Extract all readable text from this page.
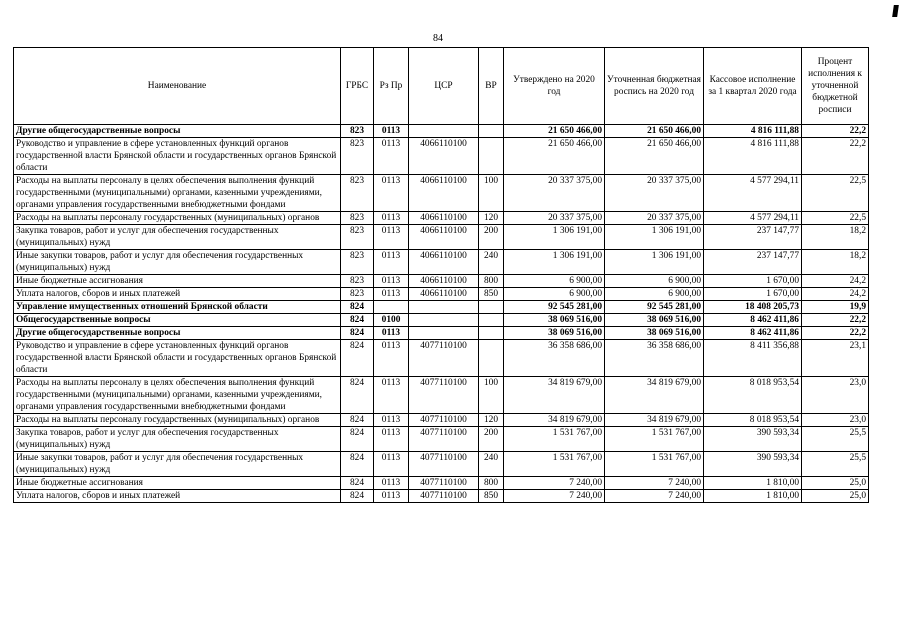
84
Наименование	ГРБС	Рз Пр	ЦСР	ВР	Утверждено на 2020 год	Уточненная бюджетная роспись на 2020 год	Кассовое исполнение за 1 квартал 2020 года	Процент исполнения к уточненной бюджетной росписи
Другие общегосударственные вопросы	823	0113			21 650 466,00	21 650 466,00	4 816 111,88	22,2
Руководство и управление в сфере установленных функций органов государственной власти Брянской области и государственных органов Брянской области	823	0113	4066110100		21 650 466,00	21 650 466,00	4 816 111,88	22,2
Расходы на выплаты персоналу в целях обеспечения выполнения функций государственными (муниципальными) органами, казенными учреждениями, органами управления государственными внебюджетными фондами	823	0113	4066110100	100	20 337 375,00	20 337 375,00	4 577 294,11	22,5
Расходы на выплаты персоналу государственных (муниципальных) органов	823	0113	4066110100	120	20 337 375,00	20 337 375,00	4 577 294,11	22,5
Закупка товаров, работ и услуг для обеспечения государственных (муниципальных) нужд	823	0113	4066110100	200	1 306 191,00	1 306 191,00	237 147,77	18,2
Иные закупки товаров, работ и услуг для обеспечения государственных (муниципальных) нужд	823	0113	4066110100	240	1 306 191,00	1 306 191,00	237 147,77	18,2
Иные бюджетные ассигнования	823	0113	4066110100	800	6 900,00	6 900,00	1 670,00	24,2
Уплата налогов, сборов и иных платежей	823	0113	4066110100	850	6 900,00	6 900,00	1 670,00	24,2
Управление имущественных отношений Брянской области	824				92 545 281,00	92 545 281,00	18 408 205,73	19,9
Общегосударственные вопросы	824	0100			38 069 516,00	38 069 516,00	8 462 411,86	22,2
Другие общегосударственные вопросы	824	0113			38 069 516,00	38 069 516,00	8 462 411,86	22,2
Руководство и управление в сфере установленных функций органов государственной власти Брянской области и государственных органов Брянской области	824	0113	4077110100		36 358 686,00	36 358 686,00	8 411 356,88	23,1
Расходы на выплаты персоналу в целях обеспечения выполнения функций государственными (муниципальными) органами, казенными учреждениями, органами управления государственными внебюджетными фондами	824	0113	4077110100	100	34 819 679,00	34 819 679,00	8 018 953,54	23,0
Расходы на выплаты персоналу государственных (муниципальных) органов	824	0113	4077110100	120	34 819 679,00	34 819 679,00	8 018 953,54	23,0
Закупка товаров, работ и услуг для обеспечения государственных (муниципальных) нужд	824	0113	4077110100	200	1 531 767,00	1 531 767,00	390 593,34	25,5
Иные закупки товаров, работ и услуг для обеспечения государственных (муниципальных) нужд	824	0113	4077110100	240	1 531 767,00	1 531 767,00	390 593,34	25,5
Иные бюджетные ассигнования	824	0113	4077110100	800	7 240,00	7 240,00	1 810,00	25,0
Уплата налогов, сборов и иных платежей	824	0113	4077110100	850	7 240,00	7 240,00	1 810,00	25,0
